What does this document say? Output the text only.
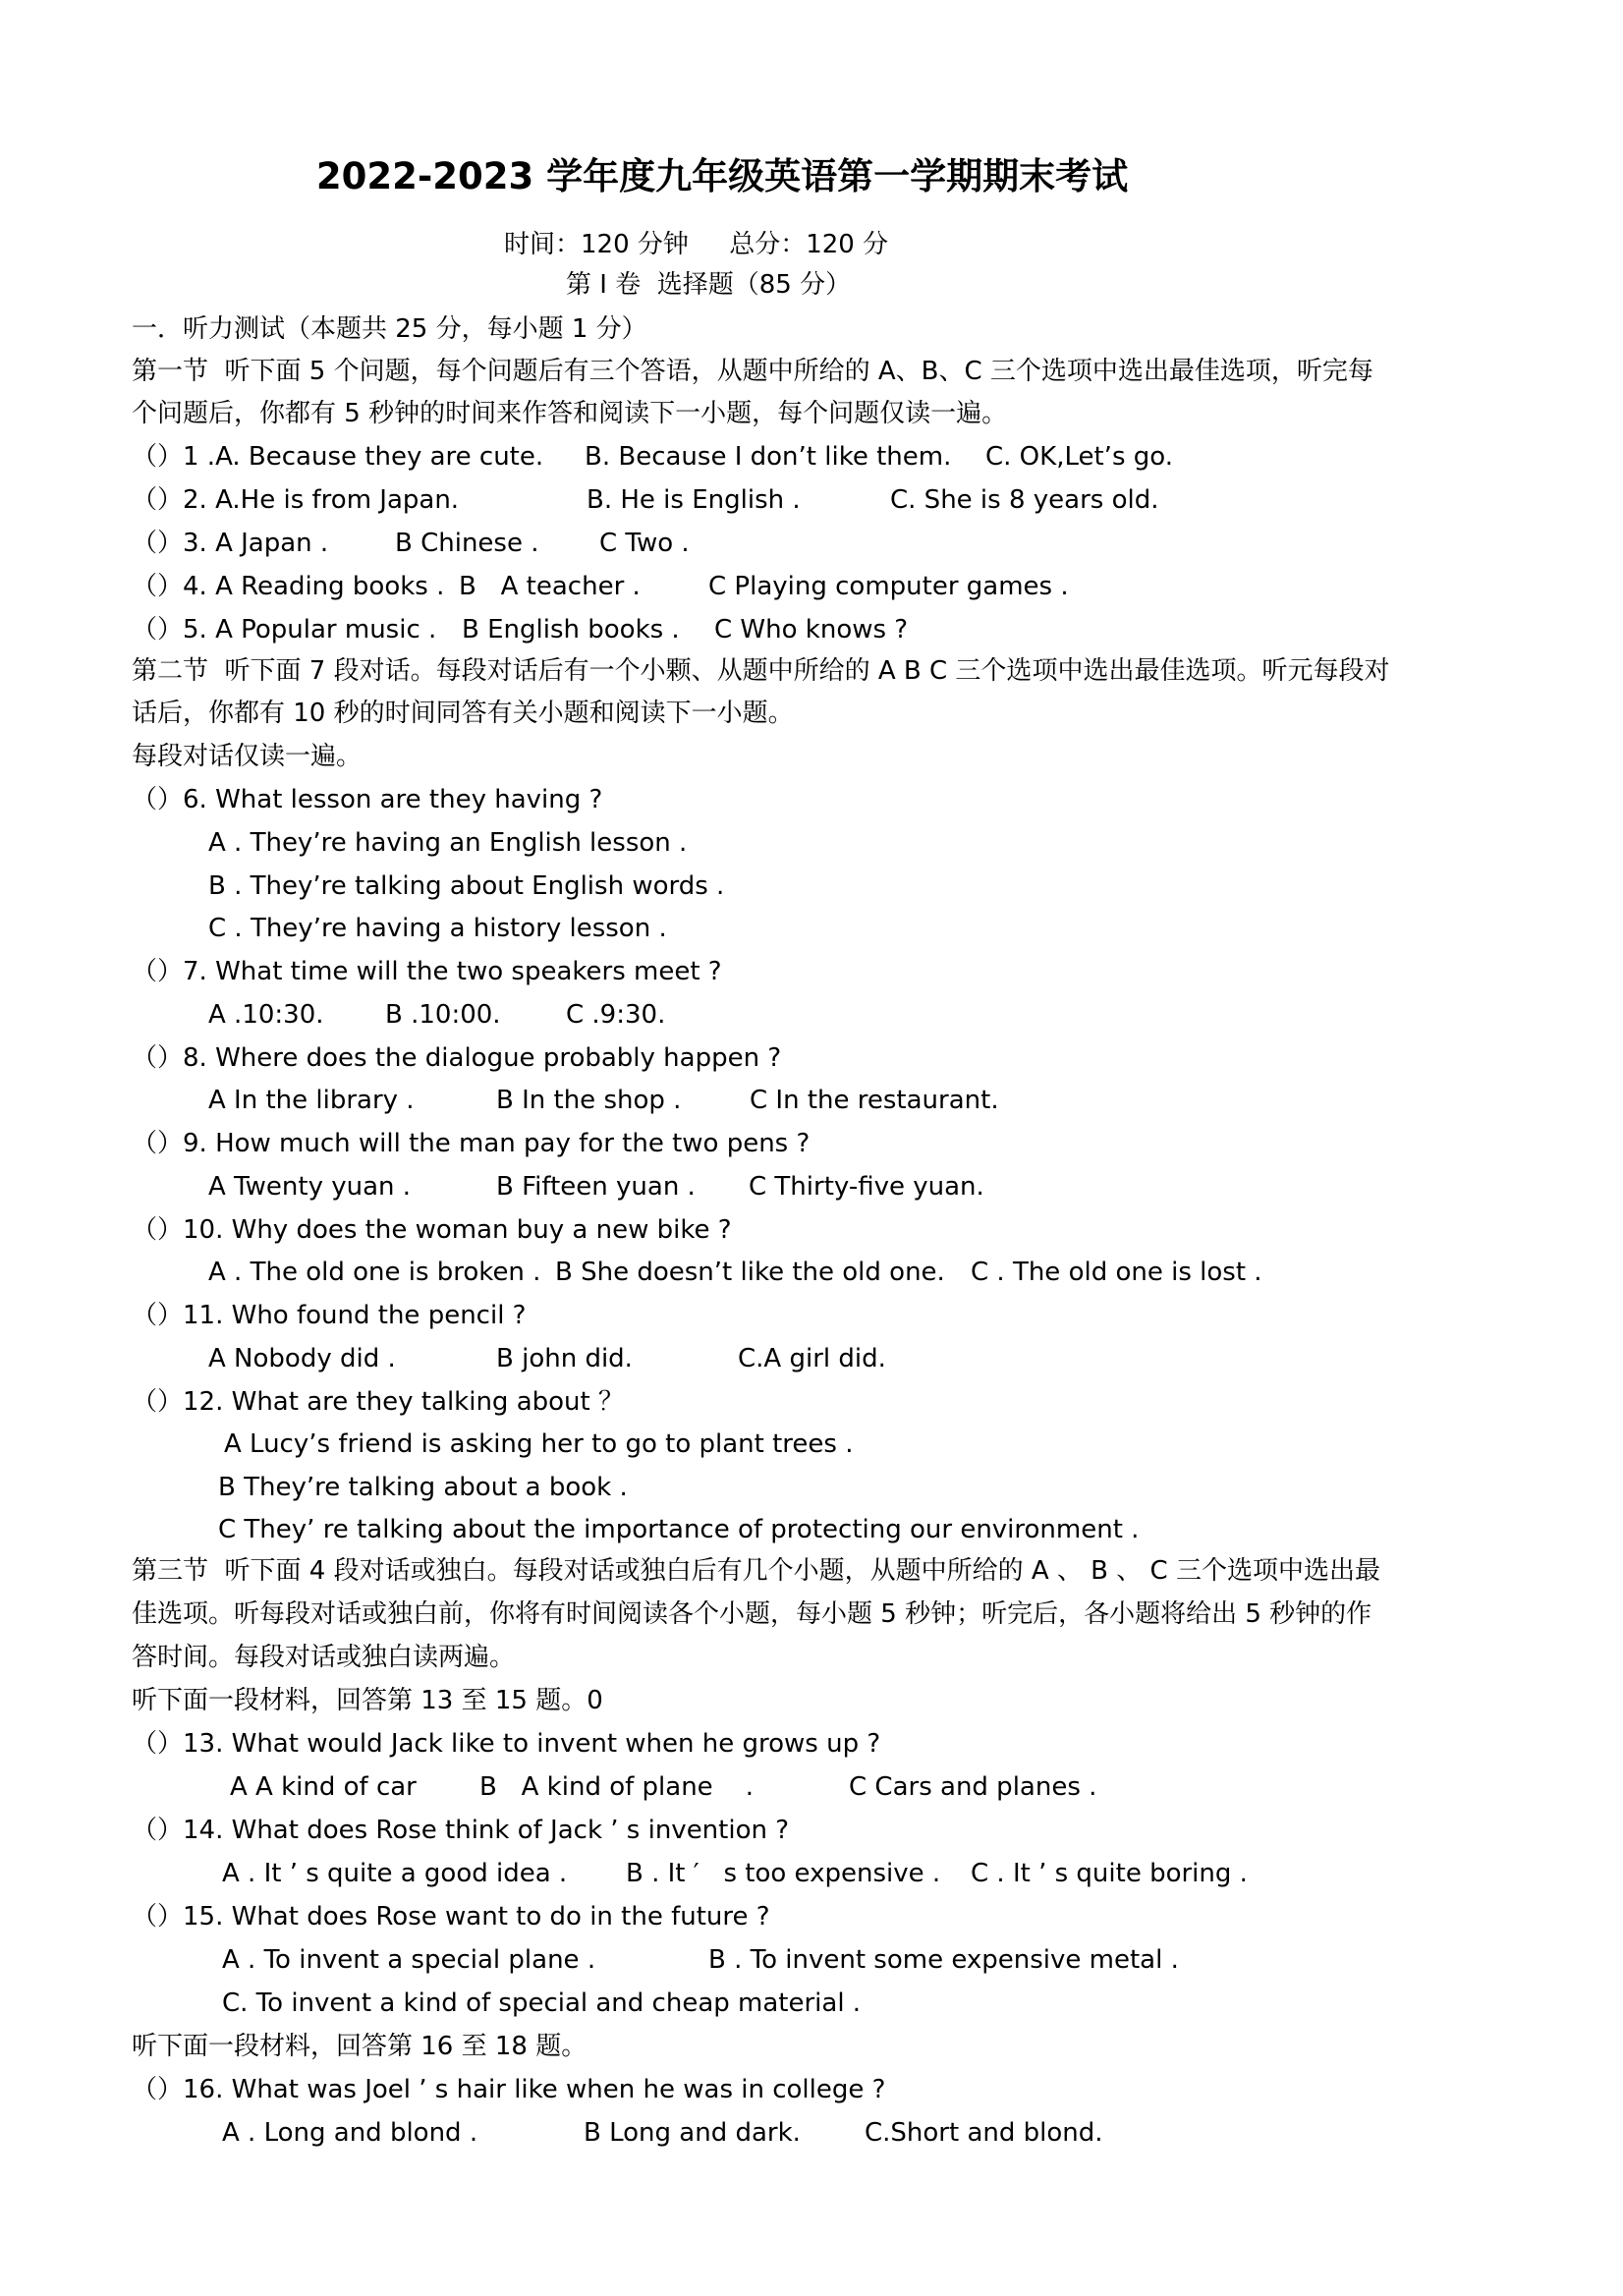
2022-2023 学年度九年级英语第一学期期末考试
时间：120 分钟     总分：120 分
第 I 卷  选择题（85 分）
一．听力测试（本题共 25 分，每小题 1 分）
第一节  听下面 5 个问题，每个问题后有三个答语，从题中所给的 A、B、C 三个选项中选出最佳选项，听完每
个问题后，你都有 5 秒钟的时间来作答和阅读下一小题，每个问题仅读一遍。
（）1 .A. Because they are cute. B. Because I don’t like them. C. OK,Let’s go.
（）2. A.He is from Japan.	B. He is English .	C. She is 8 years old.
（）3. A Japan .	B Chinese . C Two .
（）4. A Reading books . B   A teacher .	C Playing computer games .
（）5. A Popular music . B English books . C Who knows ?
第二节  听下面 7 段对话。每段对话后有一个小颗、从题中所给的 A B C 三个选项中选出最佳选项。听元每段对
话后，你都有 10 秒的时间同答有关小题和阅读下一小题。
每段对话仅读一遍。
（）6. What lesson are they having ?
A . They’re having an English lesson .
B . They’re talking about English words .
C . They’re having a history lesson .
（）7. What time will the two speakers meet ?
A .10:30. B .10:00.	C .9:30.
（）8. Where does the dialogue probably happen ?
A In the library .	B In the shop .	C In the restaurant.
（）9. How much will the man pay for the two pens ?
A Twenty yuan .	B Fifteen yuan . C Thirty-five yuan.
（）10. Why does the woman buy a new bike ?
A . The old one is broken . B She doesn’t like the old one. C . The old one is lost .
（）11. Who found the pencil ?
A Nobody did .	B john did.	C.A girl did.
（）12. What are they talking about ？
A Lucy’s friend is asking her to go to plant trees .
B They’re talking about a book .
C They’ re talking about the importance of protecting our environment .
第三节  听下面 4 段对话或独白。每段对话或独白后有几个小题，从题中所给的 A 、 B 、 C 三个选项中选出最
佳选项。听每段对话或独白前，你将有时间阅读各个小题，每小题 5 秒钟；听完后，各小题将给出 5 秒钟的作
答时间。每段对话或独白读两遍。
听下面一段材料，回答第 13 至 15 题。0
（）13. What would Jack like to invent when he grows up ?
A A kind of car B   A kind of plane    .	C Cars and planes .
（）14. What does Rose think of Jack ’ s invention ?
A . It ’ s quite a good idea . B . It ′   s too expensive . C . It ’ s quite boring .
（）15. What does Rose want to do in the future ?
A . To invent a special plane .	B . To invent some expensive metal .
C. To invent a kind of special and cheap material .
听下面一段材料，回答第 16 至 18 题。
（）16. What was Joel ’ s hair like when he was in college ?
A . Long and blond .	B Long and dark.	C.Short and blond.
